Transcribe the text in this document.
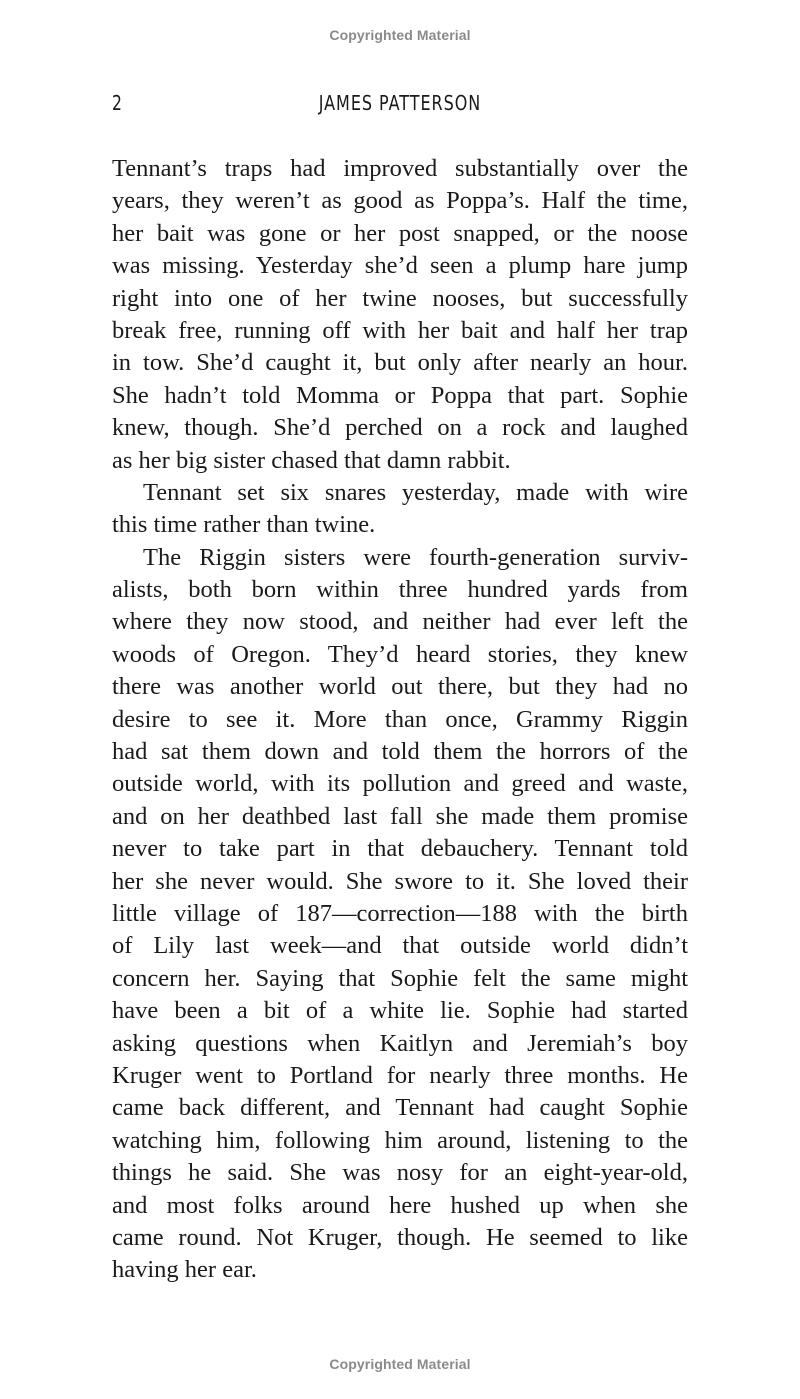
Copyrighted Material
2	JAMES PATTERSON
Tennant’s traps had improved substantially over the
years, they weren’t as good as Poppa’s. Half the time,
her bait was gone or her post snapped, or the noose
was missing. Yesterday she’d seen a plump hare jump
right into one of her twine nooses, but successfully
break free, running off with her bait and half her trap
in tow. She’d caught it, but only after nearly an hour.
She hadn’t told Momma or Poppa that part. Sophie
knew, though. She’d perched on a rock and laughed
as her big sister chased that damn rabbit.
Tennant set six snares yesterday, made with wire
this time rather than twine.
The Riggin sisters were fourth-generation surviv-
alists, both born within three hundred yards from
where they now stood, and neither had ever left the
woods of Oregon. They’d heard stories, they knew
there was another world out there, but they had no
desire to see it. More than once, Grammy Riggin
had sat them down and told them the horrors of the
outside world, with its pollution and greed and waste,
and on her deathbed last fall she made them promise
never to take part in that debauchery. Tennant told
her she never would. She swore to it. She loved their
little village of 187—correction—188 with the birth
of Lily last week—and that outside world didn’t
concern her. Saying that Sophie felt the same might
have been a bit of a white lie. Sophie had started
asking questions when Kaitlyn and Jeremiah’s boy
Kruger went to Portland for nearly three months. He
came back different, and Tennant had caught Sophie
watching him, following him around, listening to the
things he said. She was nosy for an eight-year-old,
and most folks around here hushed up when she
came round. Not Kruger, though. He seemed to like
having her ear.
Copyrighted Material
